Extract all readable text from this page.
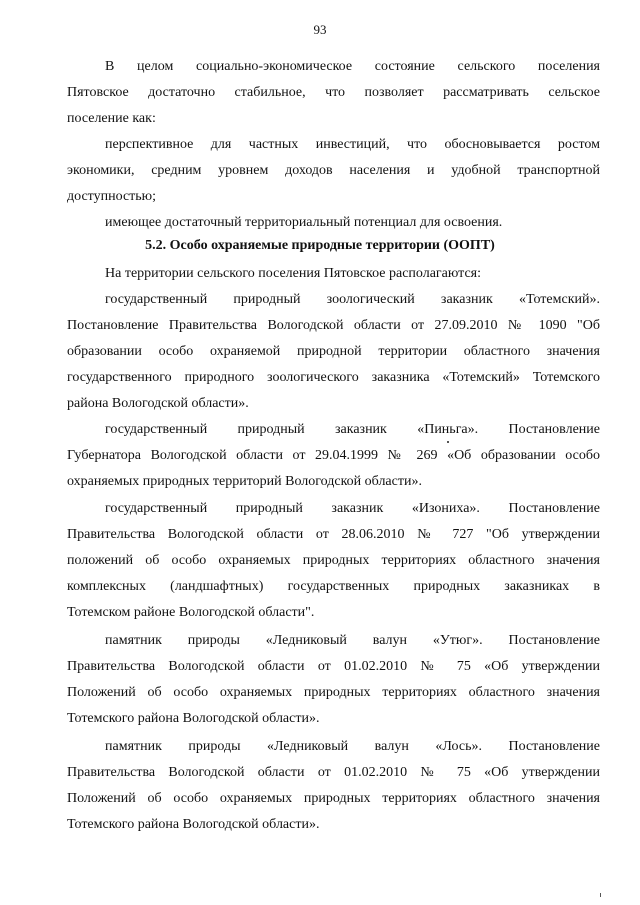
93
В целом социально-экономическое состояние сельского поселения
Пятовское достаточно стабильное, что позволяет рассматривать сельское
поселение как:
перспективное для частных инвестиций, что обосновывается ростом
экономики, средним уровнем доходов населения и удобной транспортной
доступностью;
имеющее достаточный территориальный потенциал для освоения.
5.2. Особо охраняемые природные территории (ООПТ)
На территории сельского поселения Пятовское располагаются:
государственный природный зоологический заказник «Тотемский».
Постановление Правительства Вологодской области от 27.09.2010 № 1090 "Об
образовании особо охраняемой природной территории областного значения
государственного природного зоологического заказника «Тотемский» Тотемского
района Вологодской области».
государственный природный заказник «Пиньга». Постановление
Губернатора Вологодской области от 29.04.1999 № 269 «Об образовании особо
охраняемых природных территорий Вологодской области».
государственный природный заказник «Изониха». Постановление
Правительства Вологодской области от 28.06.2010 № 727 "Об утверждении
положений об особо охраняемых природных территориях областного значения
комплексных (ландшафтных) государственных природных заказниках в
Тотемском районе Вологодской области".
памятник природы «Ледниковый валун «Утюг». Постановление
Правительства Вологодской области от 01.02.2010 № 75 «Об утверждении
Положений об особо охраняемых природных территориях областного значения
Тотемского района Вологодской области».
памятник природы «Ледниковый валун «Лось». Постановление
Правительства Вологодской области от 01.02.2010 № 75 «Об утверждении
Положений об особо охраняемых природных территориях областного значения
Тотемского района Вологодской области».
